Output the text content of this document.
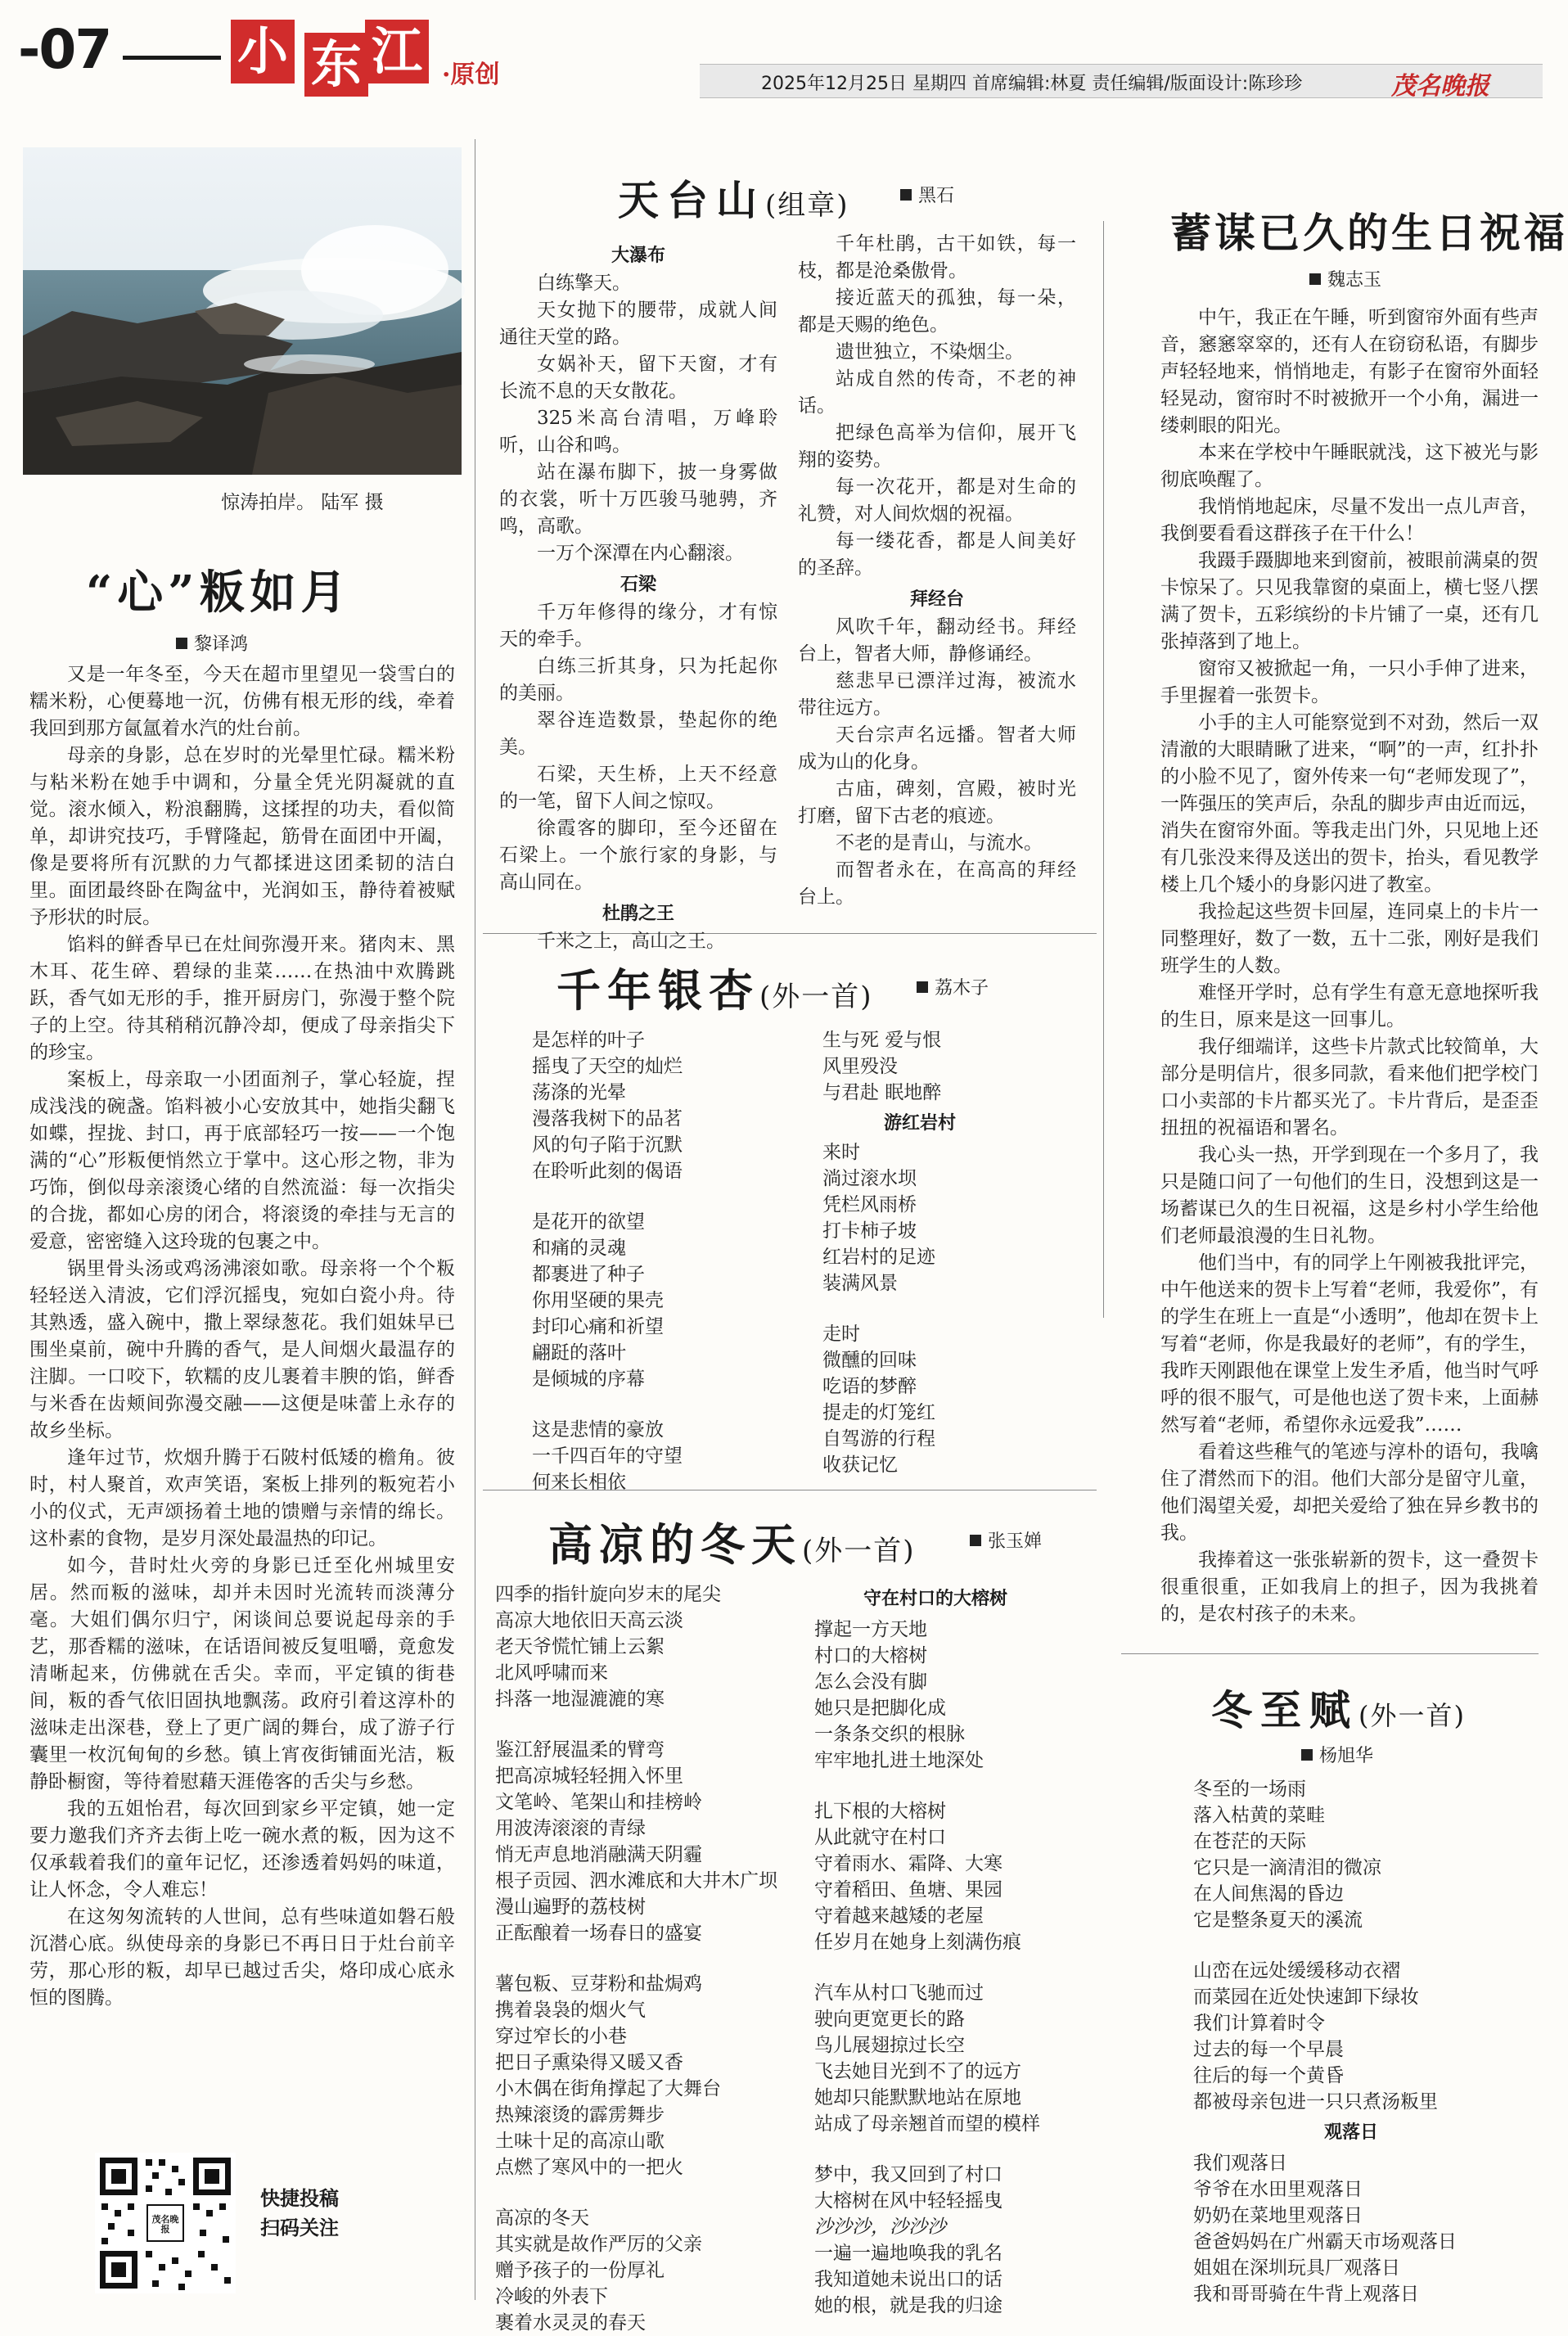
-07 小 东 江 ·原创	2025年12月25日 星期四 首席编辑:林夏 责任编辑/版面设计:陈珍珍	茂名晚报
惊涛拍岸。 陆军 摄
“心”粄如月
黎译鸿

又是一年冬至，今天在超市里望见一袋雪白的糯米粉，心便蓦地一沉，仿佛有根无形的线，牵着我回到那方氤氲着水汽的灶台前。

母亲的身影，总在岁时的光晕里忙碌。糯米粉与粘米粉在她手中调和，分量全凭光阴凝就的直觉。滚水倾入，粉浪翻腾，这揉捏的功夫，看似简单，却讲究技巧，手臂隆起，筋骨在面团中开阖，像是要将所有沉默的力气都揉进这团柔韧的洁白里。面团最终卧在陶盆中，光润如玉，静待着被赋予形状的时辰。

馅料的鲜香早已在灶间弥漫开来。猪肉末、黑木耳、花生碎、碧绿的韭菜……在热油中欢腾跳跃，香气如无形的手，推开厨房门，弥漫于整个院子的上空。待其稍稍沉静冷却，便成了母亲指尖下的珍宝。

案板上，母亲取一小团面剂子，掌心轻旋，捏成浅浅的碗盏。馅料被小心安放其中，她指尖翻飞如蝶，捏拢、封口，再于底部轻巧一按——一个饱满的“心”形粄便悄然立于掌中。这心形之物，非为巧饰，倒似母亲滚烫心绪的自然流溢：每一次指尖的合拢，都如心房的闭合，将滚烫的牵挂与无言的爱意，密密缝入这玲珑的包裹之中。

锅里骨头汤或鸡汤沸滚如歌。母亲将一个个粄轻轻送入清波，它们浮沉摇曳，宛如白瓷小舟。待其熟透，盛入碗中，撒上翠绿葱花。我们姐妹早已围坐桌前，碗中升腾的香气，是人间烟火最温存的注脚。一口咬下，软糯的皮儿裹着丰腴的馅，鲜香与米香在齿颊间弥漫交融——这便是味蕾上永存的故乡坐标。

逢年过节，炊烟升腾于石陂村低矮的檐角。彼时，村人聚首，欢声笑语，案板上排列的粄宛若小小的仪式，无声颂扬着土地的馈赠与亲情的绵长。这朴素的食物，是岁月深处最温热的印记。

如今，昔时灶火旁的身影已迁至化州城里安居。然而粄的滋味，却并未因时光流转而淡薄分毫。大姐们偶尔归宁，闲谈间总要说起母亲的手艺，那香糯的滋味，在话语间被反复咀嚼，竟愈发清晰起来，仿佛就在舌尖。幸而，平定镇的街巷间，粄的香气依旧固执地飘荡。政府引着这淳朴的滋味走出深巷，登上了更广阔的舞台，成了游子行囊里一枚沉甸甸的乡愁。镇上宵夜街铺面光洁，粄静卧橱窗，等待着慰藉天涯倦客的舌尖与乡愁。

我的五姐怡君，每次回到家乡平定镇，她一定要力邀我们齐齐去街上吃一碗水煮的粄，因为这不仅承载着我们的童年记忆，还渗透着妈妈的味道，让人怀念，令人难忘！

在这匆匆流转的人世间，总有些味道如磐石般沉潜心底。纵使母亲的身影已不再日日于灶台前辛劳，那心形的粄，却早已越过舌尖，烙印成心底永恒的图腾。

茂名晚报
快捷投稿
扫码关注
天台山(组章)	黑石
大瀑布

白练擎天。

天女抛下的腰带，成就人间通往天堂的路。

女娲补天，留下天窗，才有长流不息的天女散花。

325米高台清唱，万峰聆听，山谷和鸣。

站在瀑布脚下，披一身雾做的衣裳，听十万匹骏马驰骋，齐鸣，高歌。

一万个深潭在内心翻滚。

石梁

千万年修得的缘分，才有惊天的牵手。

白练三折其身，只为托起你的美丽。

翠谷连造数景，垫起你的绝美。

石梁，天生桥，上天不经意的一笔，留下人间之惊叹。

徐霞客的脚印，至今还留在石梁上。一个旅行家的身影，与高山同在。

杜鹃之王

千米之上，高山之王。

千年杜鹃，古干如铁，每一枝，都是沧桑傲骨。

接近蓝天的孤独，每一朵，都是天赐的绝色。

遗世独立，不染烟尘。

站成自然的传奇，不老的神话。

把绿色高举为信仰，展开飞翔的姿势。

每一次花开，都是对生命的礼赞，对人间炊烟的祝福。

每一缕花香，都是人间美好的圣辞。

拜经台

风吹千年，翻动经书。拜经台上，智者大师，静修诵经。

慈悲早已漂洋过海，被流水带往远方。

天台宗声名远播。智者大师成为山的化身。

古庙，碑刻，宫殿，被时光打磨，留下古老的痕迹。

不老的是青山，与流水。

而智者永在，在高高的拜经台上。

千年银杏(外一首)	荔木子
是怎样的叶子
摇曳了天空的灿烂
荡涤的光晕
漫落我树下的品茗
风的句子陷于沉默
在聆听此刻的偈语
是花开的欲望
和痛的灵魂
都裹进了种子
你用坚硬的果壳
封印心痛和祈望
翩跹的落叶
是倾城的序幕
这是悲情的豪放
一千四百年的守望
何来长相依
生与死 爱与恨
风里殁没
与君赴 眠地醉
游红岩村
来时
淌过滚水坝
凭栏风雨桥
打卡柿子坡
红岩村的足迹
装满风景
走时
微醺的回味
吃语的梦醉
提走的灯笼红
自驾游的行程
收获记忆
高凉的冬天(外一首)	张玉婵
四季的指针旋向岁末的尾尖
高凉大地依旧天高云淡
老天爷慌忙铺上云絮
北风呼啸而来
抖落一地湿漉漉的寒
鉴江舒展温柔的臂弯
把高凉城轻轻拥入怀里
文笔岭、笔架山和挂榜岭
用波涛滚滚的青绿
悄无声息地消融满天阴霾
根子贡园、泗水滩底和大井木广坝
漫山遍野的荔枝树
正酝酿着一场春日的盛宴
薯包粄、豆芽粉和盐焗鸡
携着袅袅的烟火气
穿过窄长的小巷
把日子熏染得又暖又香
小木偶在街角撑起了大舞台
热辣滚烫的霹雳舞步
土味十足的高凉山歌
点燃了寒风中的一把火
高凉的冬天
其实就是故作严厉的父亲
赠予孩子的一份厚礼
冷峻的外表下
裹着水灵灵的春天
守在村口的大榕树
撑起一方天地
村口的大榕树
怎么会没有脚
她只是把脚化成
一条条交织的根脉
牢牢地扎进土地深处
扎下根的大榕树
从此就守在村口
守着雨水、霜降、大寒
守着稻田、鱼塘、果园
守着越来越矮的老屋
任岁月在她身上刻满伤痕
汽车从村口飞驰而过
驶向更宽更长的路
鸟儿展翅掠过长空
飞去她目光到不了的远方
她却只能默默地站在原地
站成了母亲翘首而望的模样
梦中，我又回到了村口
大榕树在风中轻轻摇曳
沙沙沙，沙沙沙
一遍一遍地唤我的乳名
我知道她未说出口的话
她的根，就是我的归途
蓄谋已久的生日祝福
魏志玉

中午，我正在午睡，听到窗帘外面有些声音，窸窸窣窣的，还有人在窃窃私语，有脚步声轻轻地来，悄悄地走，有影子在窗帘外面轻轻晃动，窗帘时不时被掀开一个小角，漏进一缕刺眼的阳光。

本来在学校中午睡眠就浅，这下被光与影彻底唤醒了。

我悄悄地起床，尽量不发出一点儿声音，我倒要看看这群孩子在干什么！

我蹑手蹑脚地来到窗前，被眼前满桌的贺卡惊呆了。只见我靠窗的桌面上，横七竖八摆满了贺卡，五彩缤纷的卡片铺了一桌，还有几张掉落到了地上。

窗帘又被掀起一角，一只小手伸了进来，手里握着一张贺卡。

小手的主人可能察觉到不对劲，然后一双清澈的大眼睛瞅了进来，“啊”的一声，红扑扑的小脸不见了，窗外传来一句“老师发现了”，一阵强压的笑声后，杂乱的脚步声由近而远，消失在窗帘外面。等我走出门外，只见地上还有几张没来得及送出的贺卡，抬头，看见教学楼上几个矮小的身影闪进了教室。

我捡起这些贺卡回屋，连同桌上的卡片一同整理好，数了一数，五十二张，刚好是我们班学生的人数。

难怪开学时，总有学生有意无意地探听我的生日，原来是这一回事儿。

我仔细端详，这些卡片款式比较简单，大部分是明信片，很多同款，看来他们把学校门口小卖部的卡片都买光了。卡片背后，是歪歪扭扭的祝福语和署名。

我心头一热，开学到现在一个多月了，我只是随口问了一句他们的生日，没想到这是一场蓄谋已久的生日祝福，这是乡村小学生给他们老师最浪漫的生日礼物。

他们当中，有的同学上午刚被我批评完，中午他送来的贺卡上写着“老师，我爱你”，有的学生在班上一直是“小透明”，他却在贺卡上写着“老师，你是我最好的老师”，有的学生，我昨天刚跟他在课堂上发生矛盾，他当时气呼呼的很不服气，可是他也送了贺卡来，上面赫然写着“老师，希望你永远爱我”……

看着这些稚气的笔迹与淳朴的语句，我噙住了潸然而下的泪。他们大部分是留守儿童，他们渴望关爱，却把关爱给了独在异乡教书的我。

我捧着这一张张崭新的贺卡，这一叠贺卡很重很重，正如我肩上的担子，因为我挑着的，是农村孩子的未来。

冬至赋(外一首)
杨旭华
冬至的一场雨
落入枯黄的菜畦
在苍茫的天际
它只是一滴清泪的微凉
在人间焦渴的昏边
它是整条夏天的溪流
山峦在远处缓缓移动衣褶
而菜园在近处快速卸下绿妆
我们计算着时令
过去的每一个早晨
往后的每一个黄昏
都被母亲包进一只只煮汤粄里
观落日
我们观落日
爷爷在水田里观落日
奶奶在菜地里观落日
爸爸妈妈在广州霸天市场观落日
姐姐在深圳玩具厂观落日
我和哥哥骑在牛背上观落日
